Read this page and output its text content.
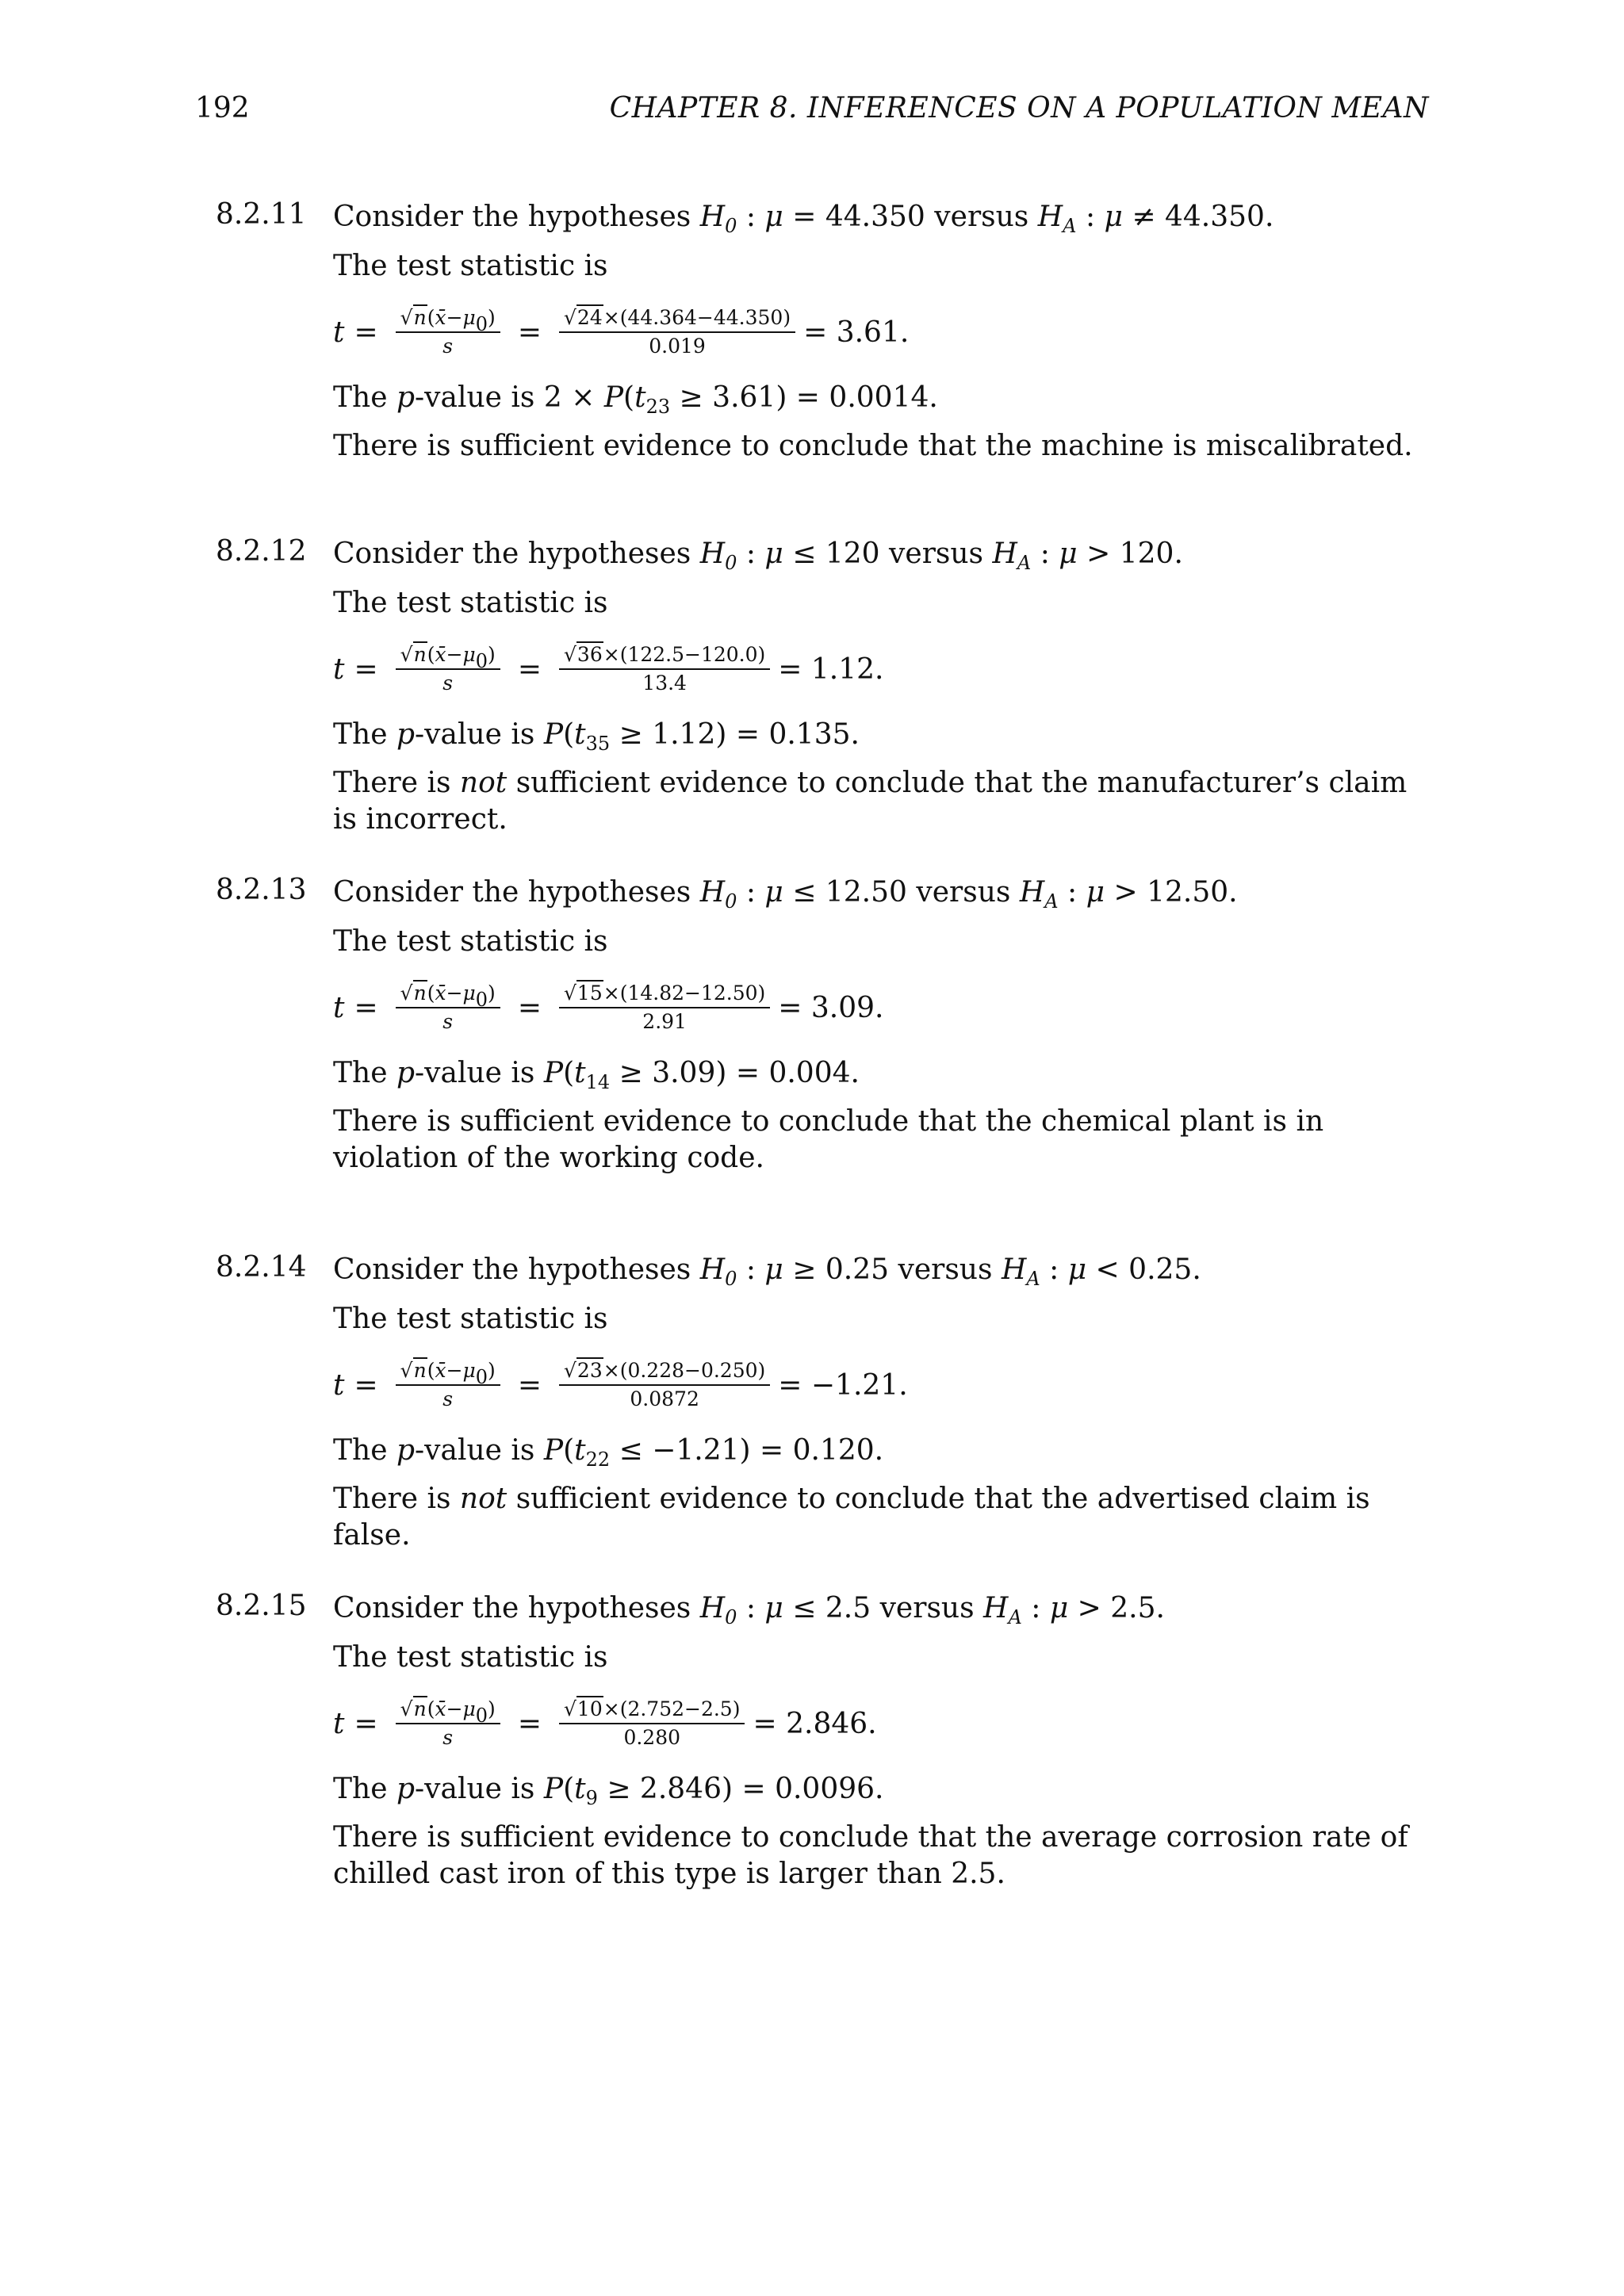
192	CHAPTER 8. INFERENCES ON A POPULATION MEAN
8.2.11 Consider the hypotheses $H_0$ : μ = 44.350 versus $H_A$ : μ ≠ 44.350.
The test statistic is
$t = \frac{√n(x̄-\mu_0)}{s} = \frac{√24\times(44.364-44.350)}{0.019} = 3.61$.
The p-value is $2 \times P(t_{23} \ge 3.61) = 0.0014$.
There is sufficient evidence to conclude that the machine is miscalibrated.
8.2.12 Consider the hypotheses $H_0$ : μ ≤ 120 versus $H_A$ : μ > 120.
The test statistic is
$t = \frac{√n(x̄-\mu_0)}{s} = \frac{√36\times(122.5-120.0)}{13.4} = 1.12$.
The p-value is $P(t_{35} \ge 1.12) = 0.135$.
There is not sufficient evidence to conclude that the manufacturer’s claim is incorrect.
8.2.13 Consider the hypotheses $H_0$ : μ ≤ 12.50 versus $H_A$ : μ > 12.50.
The test statistic is
$t = \frac{√n(x̄-\mu_0)}{s} = \frac{√15\times(14.82-12.50)}{2.91} = 3.09$.
The p-value is $P(t_{14} \ge 3.09) = 0.004$.
There is sufficient evidence to conclude that the chemical plant is in violation of the working code.
8.2.14 Consider the hypotheses $H_0$ : μ ≥ 0.25 versus $H_A$ : μ < 0.25.
The test statistic is
$t = \frac{√n(x̄-\mu_0)}{s} = \frac{√23\times(0.228-0.250)}{0.0872} = -1.21$.
The p-value is $P(t_{22} \le -1.21) = 0.120$.
There is not sufficient evidence to conclude that the advertised claim is false.
8.2.15 Consider the hypotheses $H_0$ : μ ≤ 2.5 versus $H_A$ : μ > 2.5.
The test statistic is
$t = \frac{√n(x̄-\mu_0)}{s} = \frac{√10\times(2.752-2.5)}{0.280} = 2.846$.
The p-value is $P(t_9 \ge 2.846) = 0.0096$.
There is sufficient evidence to conclude that the average corrosion rate of chilled cast iron of this type is larger than 2.5.
